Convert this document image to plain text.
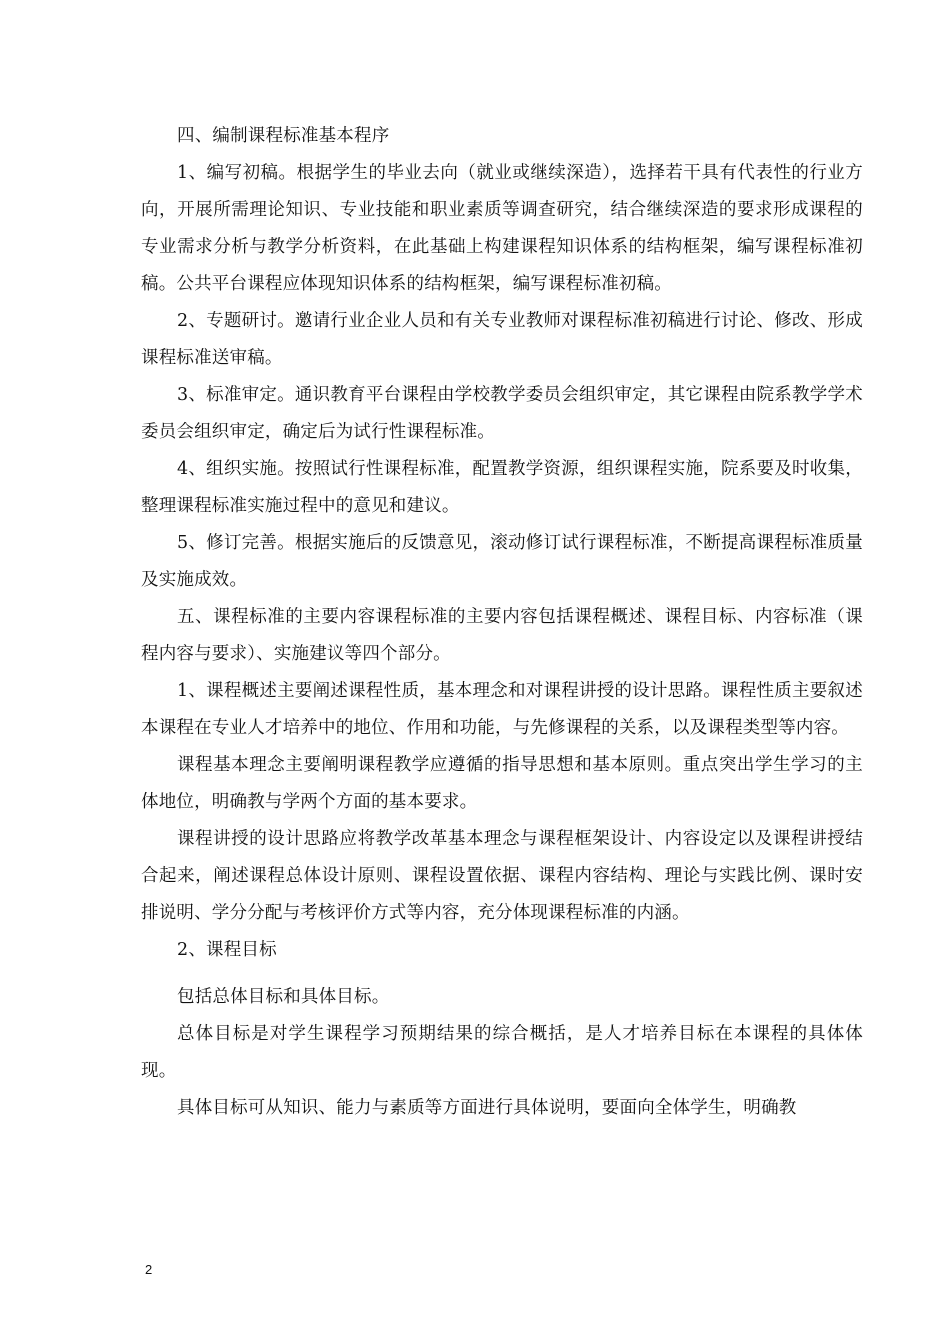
四、编制课程标准基本程序

1、编写初稿。根据学生的毕业去向（就业或继续深造），选择若干具有代表性的行业方向，开展所需理论知识、专业技能和职业素质等调查研究，结合继续深造的要求形成课程的专业需求分析与教学分析资料，在此基础上构建课程知识体系的结构框架，编写课程标准初稿。公共平台课程应体现知识体系的结构框架，编写课程标准初稿。

2、专题研讨。邀请行业企业人员和有关专业教师对课程标准初稿进行讨论、修改、形成课程标准送审稿。

3、标准审定。通识教育平台课程由学校教学委员会组织审定，其它课程由院系教学学术委员会组织审定，确定后为试行性课程标准。

4、组织实施。按照试行性课程标准，配置教学资源，组织课程实施，院系要及时收集，整理课程标准实施过程中的意见和建议。

5、修订完善。根据实施后的反馈意见，滚动修订试行课程标准，不断提高课程标准质量及实施成效。

五、课程标准的主要内容课程标准的主要内容包括课程概述、课程目标、内容标准（课程内容与要求）、实施建议等四个部分。

1、课程概述主要阐述课程性质，基本理念和对课程讲授的设计思路。课程性质主要叙述本课程在专业人才培养中的地位、作用和功能，与先修课程的关系，以及课程类型等内容。

课程基本理念主要阐明课程教学应遵循的指导思想和基本原则。重点突出学生学习的主体地位，明确教与学两个方面的基本要求。

课程讲授的设计思路应将教学改革基本理念与课程框架设计、内容设定以及课程讲授结合起来，阐述课程总体设计原则、课程设置依据、课程内容结构、理论与实践比例、课时安排说明、学分分配与考核评价方式等内容，充分体现课程标准的内涵。

2、课程目标

包括总体目标和具体目标。

总体目标是对学生课程学习预期结果的综合概括，是人才培养目标在本课程的具体体现。

具体目标可从知识、能力与素质等方面进行具体说明，要面向全体学生，明确教

2
